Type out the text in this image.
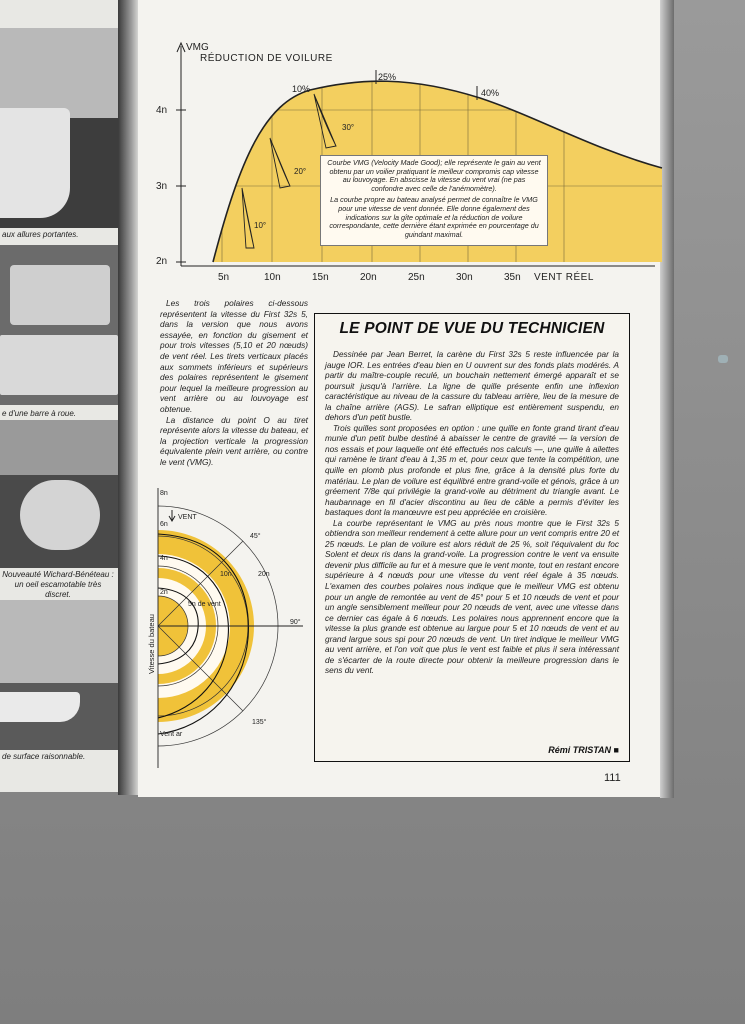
aux allures portantes.
e d'une barre à roue.
Nouveauté Wichard-Bénéteau : un oeil escamotable très discret.
de surface raisonnable.
VMG
RÉDUCTION DE VOILURE
4n
3n
2n
5n	10n	15n	20n	25n	30n	35n VENT RÉEL
25%
40%
10%
30°
20°
10°

Courbe VMG (Velocity Made Good); elle représente le gain au vent obtenu par un voilier pratiquant le meilleur compromis cap vitesse au louvoyage. En abscisse la vitesse du vent vrai (ne pas confondre avec celle de l'anémomètre).

La courbe propre au bateau analysé permet de connaître le VMG pour une vitesse de vent donnée. Elle donne également des indications sur la gîte optimale et la réduction de voilure correspondante, cette dernière étant exprimée en pourcentage du guindant maximal.

Les trois polaires ci-dessous représentent la vitesse du First 32s 5, dans la version que nous avons essayée, en fonction du gisement et pour trois vitesses (5,10 et 20 nœuds) de vent réel. Les tirets verticaux placés aux sommets inférieurs et supérieurs des polaires représentent le gisement pour lequel la meilleure progression au vent arrière ou au louvoyage est obtenue.

La distance du point O au tiret représente alors la vitesse du bateau, et la projection verticale la progression équivalente plein vent arrière, ou contre le vent (VMG).

Vitesse du bateau
8n
6n
4n
2n
VENT
45°
90°
135°
10n	20n
5n de vent
Vent ar
LE POINT DE VUE DU TECHNICIEN

Dessinée par Jean Berret, la carène du First 32s 5 reste influencée par la jauge IOR. Les entrées d'eau bien en U ouvrent sur des fonds plats modérés. A partir du maître-couple reculé, un bouchain nettement émergé apparaît et se poursuit jusqu'à l'arrière. La ligne de quille présente enfin une inflexion caractéristique au niveau de la cassure du tableau arrière, lieu de la mesure de la chaîne arrière (AGS). Le safran elliptique est entièrement suspendu, en dehors d'un petit bustle.

Trois quilles sont proposées en option : une quille en fonte grand tirant d'eau munie d'un petit bulbe destiné à abaisser le centre de gravité — la version de nos essais et pour laquelle ont été effectués nos calculs —, une quille à ailettes qui ramène le tirant d'eau à 1,35 m et, pour ceux que tente la compétition, une quille en plomb plus profonde et plus fine, grâce à la densité plus forte du matériau. Le plan de voilure est équilibré entre grand-voile et génois, grâce à un gréement 7/8e qui privilégie la grand-voile au détriment du triangle avant. Le haubannage en fil d'acier discontinu au lieu de câble a permis d'éviter les bastaques dont la manœuvre est peu appréciée en croisière.

La courbe représentant le VMG au près nous montre que le First 32s 5 obtiendra son meilleur rendement à cette allure pour un vent compris entre 20 et 25 nœuds. Le plan de voilure est alors réduit de 25 %, soit l'équivalent du foc Solent et deux ris dans la grand-voile. La progression contre le vent va ensuite devenir plus difficile au fur et à mesure que le vent monte, tout en restant encore supérieure à 4 nœuds pour une vitesse du vent réel égale à 35 nœuds. L'examen des courbes polaires nous indique que le meilleur VMG est obtenu pour un angle de remontée au vent de 45° pour 5 et 10 nœuds de vent et pour un angle sensiblement meilleur pour 20 nœuds de vent, avec une vitesse dans ce dernier cas égale à 6 nœuds. Les polaires nous apprennent encore que la vitesse la plus grande est obtenue au largue pour 5 et 10 nœuds de vent et au grand largue sous spi pour 20 nœuds de vent. Un tiret indique le meilleur VMG au vent arrière, et l'on voit que plus le vent est faible et plus il sera intéressant de s'écarter de la route directe pour obtenir la meilleure progression dans le sens du vent.

Rémi TRISTAN ■
111
